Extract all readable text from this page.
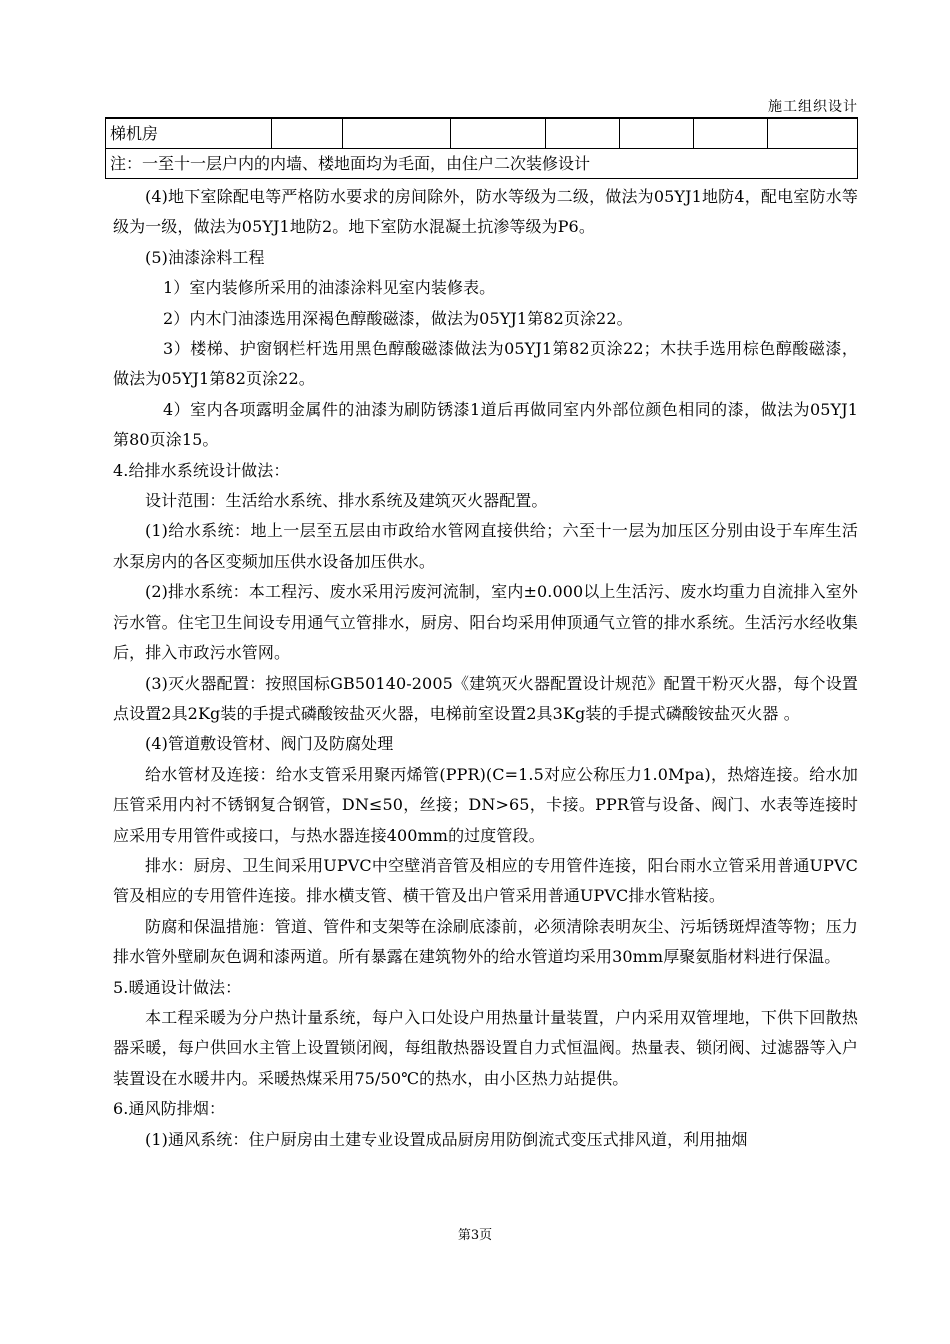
施工组织设计
梯机房							
注：一至十一层户内的内墙、楼地面均为毛面，由住户二次装修设计

(4)地下室除配电等严格防水要求的房间除外，防水等级为二级，做法为05YJ1地防4，配电室防水等级为一级，做法为05YJ1地防2。地下室防水混凝土抗渗等级为P6。

(5)油漆涂料工程

1）室内装修所采用的油漆涂料见室内装修表。

2）内木门油漆选用深褐色醇酸磁漆，做法为05YJ1第82页涂22。

3）楼梯、护窗钢栏杆选用黑色醇酸磁漆做法为05YJ1第82页涂22；木扶手选用棕色醇酸磁漆，做法为05YJ1第82页涂22。

4）室内各项露明金属件的油漆为刷防锈漆1道后再做同室内外部位颜色相同的漆，做法为05YJ1第80页涂15。

4.给排水系统设计做法：

设计范围：生活给水系统、排水系统及建筑灭火器配置。

(1)给水系统：地上一层至五层由市政给水管网直接供给；六至十一层为加压区分别由设于车库生活水泵房内的各区变频加压供水设备加压供水。

(2)排水系统：本工程污、废水采用污废河流制，室内±0.000以上生活污、废水均重力自流排入室外污水管。住宅卫生间设专用通气立管排水，厨房、阳台均采用伸顶通气立管的排水系统。生活污水经收集后，排入市政污水管网。

(3)灭火器配置：按照国标GB50140-2005《建筑灭火器配置设计规范》配置干粉灭火器，每个设置点设置2具2Kg装的手提式磷酸铵盐灭火器，电梯前室设置2具3Kg装的手提式磷酸铵盐灭火器 。

(4)管道敷设管材、阀门及防腐处理

给水管材及连接：给水支管采用聚丙烯管(PPR)(C=1.5对应公称压力1.0Mpa)，热熔连接。给水加压管采用内衬不锈钢复合钢管，DN≤50，丝接；DN>65，卡接。PPR管与设备、阀门、水表等连接时应采用专用管件或接口，与热水器连接400mm的过度管段。

排水：厨房、卫生间采用UPVC中空壁消音管及相应的专用管件连接，阳台雨水立管采用普通UPVC管及相应的专用管件连接。排水横支管、横干管及出户管采用普通UPVC排水管粘接。

防腐和保温措施：管道、管件和支架等在涂刷底漆前，必须清除表明灰尘、污垢锈斑焊渣等物；压力排水管外壁刷灰色调和漆两道。所有暴露在建筑物外的给水管道均采用30mm厚聚氨脂材料进行保温。

5.暖通设计做法：

本工程采暖为分户热计量系统，每户入口处设户用热量计量装置，户内采用双管埋地，下供下回散热器采暖，每户供回水主管上设置锁闭阀，每组散热器设置自力式恒温阀。热量表、锁闭阀、过滤器等入户装置设在水暖井内。采暖热煤采用75/50℃的热水，由小区热力站提供。

6.通风防排烟：

(1)通风系统：住户厨房由土建专业设置成品厨房用防倒流式变压式排风道，利用抽烟

第3页
